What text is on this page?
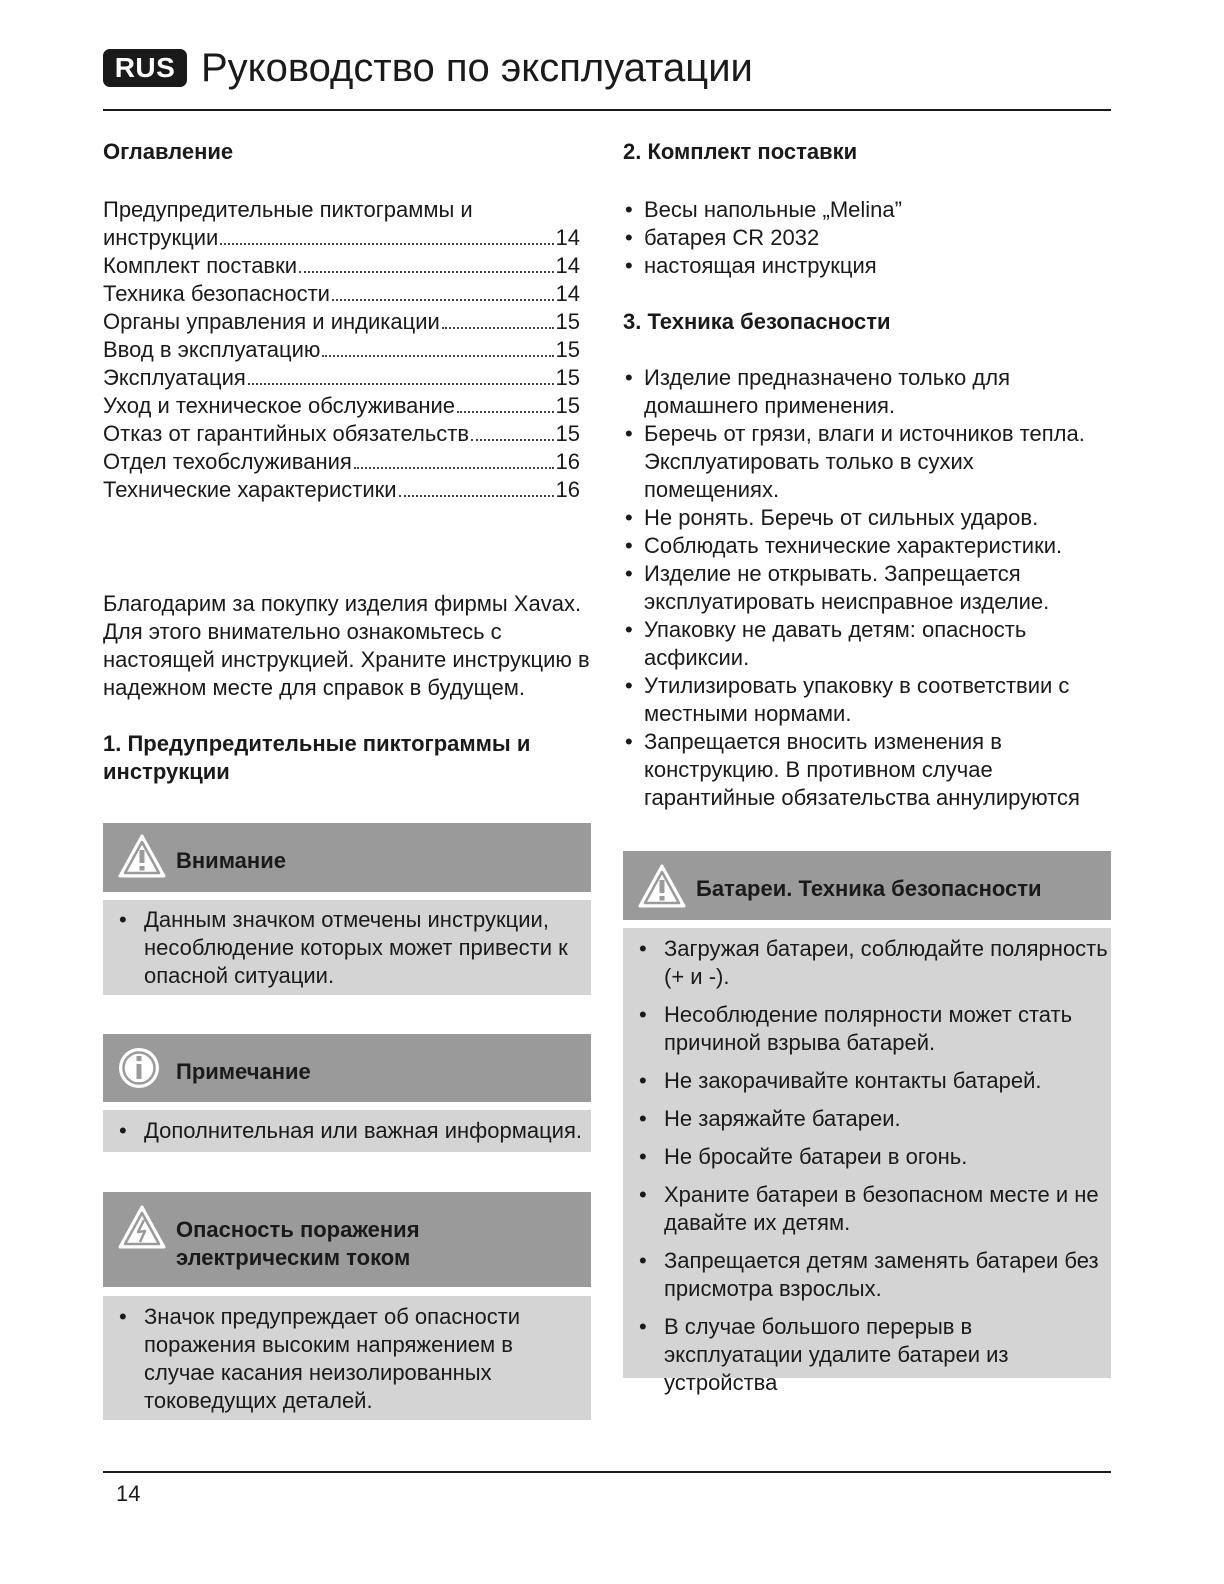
RUS Руководство по эксплуатации
Оглавление
Предупредительные пиктограммы и
инструкции	14
Комплект поставки	14
Техника безопасности	14
Органы управления и индикации	15
Ввод в эксплуатацию	15
Эксплуатация	15
Уход и техническое обслуживание	15
Отказ от гарантийных обязательств	15
Отдел техобслуживания	16
Технические характеристики	16
Благодарим за покупку изделия фирмы Xavax. Для этого внимательно ознакомьтесь с настоящей инструкцией. Храните инструкцию в надежном месте для справок в будущем.
1. Предупредительные пиктограммы и
инструкции
Внимание
• Данным значком отмечены инструкции, несоблюдение которых может привести к опасной ситуации.
Примечание
• Дополнительная или важная информация.
Опасность поражения
электрическим током
• Значок предупреждает об опасности поражения высоким напряжением в случае касания неизолированных токоведущих деталей.
2. Комплект поставки
• Весы напольные „Melina”
• батарея CR 2032
• настоящая инструкция
3. Техника безопасности
• Изделие предназначено только для домашнего применения.
• Беречь от грязи, влаги и источников тепла. Эксплуатировать только в сухих помещениях.
• Не ронять. Беречь от сильных ударов.
• Соблюдать технические характеристики.
• Изделие не открывать. Запрещается эксплуатировать неисправное изделие.
• Упаковку не давать детям: опасность асфиксии.
• Утилизировать упаковку в соответствии с местными нормами.
• Запрещается вносить изменения в конструкцию. В противном случае гарантийные обязательства аннулируются
Батареи. Техника безопасности
• Загружая батареи, соблюдайте полярность (+ и -).
• Несоблюдение полярности может стать причиной взрыва батарей.
• Не закорачивайте контакты батарей.
• Не заряжайте батареи.
• Не бросайте батареи в огонь.
• Храните батареи в безопасном месте и не давайте их детям.
• Запрещается детям заменять батареи без присмотра взрослых.
• В случае большого перерыв в эксплуатации удалите батареи из устройства
14
